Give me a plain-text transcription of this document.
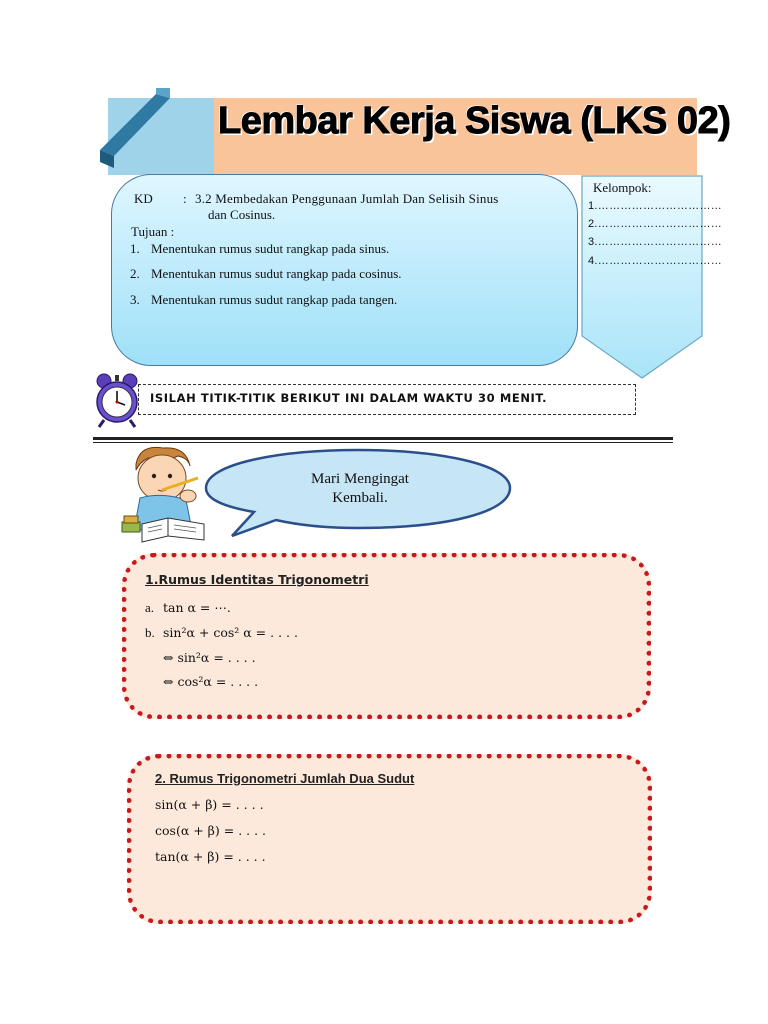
Lembar Kerja Siswa (LKS 02)
KD : 3.2 Membedakan Penggunaan Jumlah Dan Selisih Sinus
dan Cosinus.
Tujuan :
1. Menentukan rumus sudut rangkap pada sinus.
2. Menentukan rumus sudut rangkap pada cosinus.
3. Menentukan rumus sudut rangkap pada tangen.
Kelompok:
1.……………………………
2.……………………………
3.……………………………
4.……………………………
ISILAH TITIK-TITIK BERIKUT INI DALAM WAKTU 30 MENIT.
Mari Mengingat
Kembali.
1.Rumus Identitas Trigonometri
a. tan α = ⋯.
b. sin²α + cos² α = . . . .
⇔ sin²α = . . . .
⇔ cos²α = . . . .
2. Rumus Trigonometri Jumlah Dua Sudut
sin(α + β) = . . . .
cos(α + β) = . . . .
tan(α + β) = . . . .
